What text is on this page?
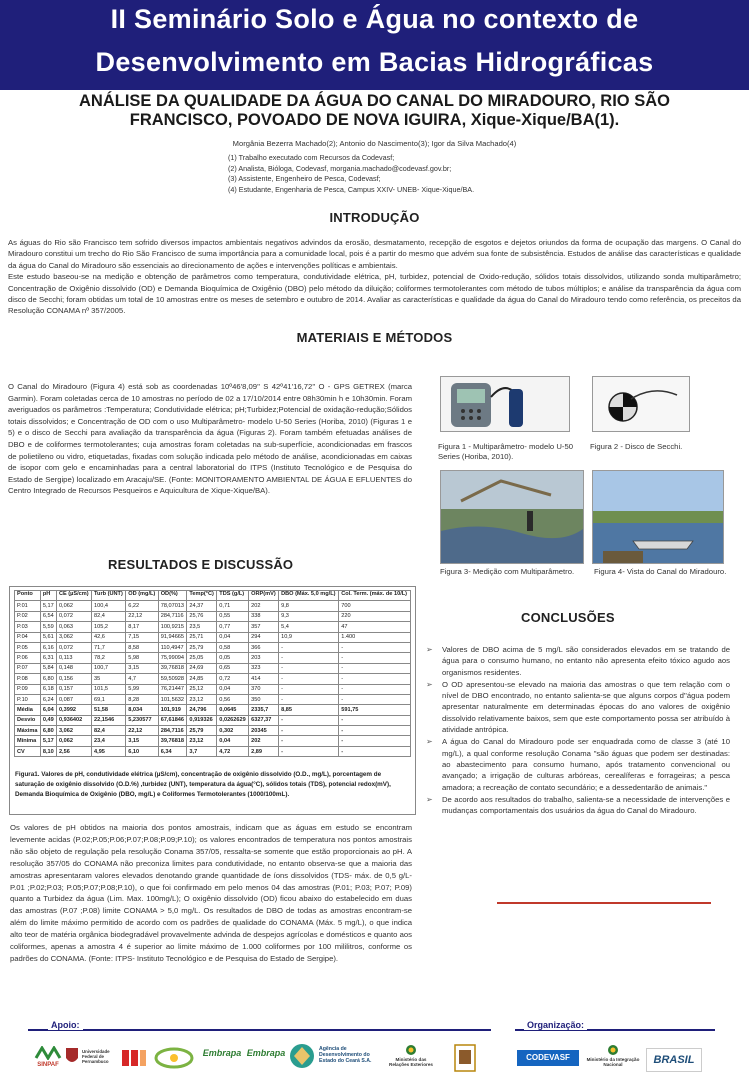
II Seminário Solo e Água no contexto de
Desenvolvimento em Bacias Hidrográficas
ANÁLISE DA QUALIDADE DA ÁGUA DO CANAL DO MIRADOURO, RIO SÃO
FRANCISCO, POVOADO DE NOVA IGUIRA, Xique-Xique/BA(1).
Morgânia Bezerra Machado(2); Antonio do Nascimento(3); Igor da Silva Machado(4)
(1) Trabalho executado com Recursos da Codevasf;
(2) Analista, Bióloga, Codevasf, morgania.machado@codevasf.gov.br;
(3) Assistente, Engenheiro de Pesca, Codevasf;
(4) Estudante, Engenharia de Pesca, Campus XXIV- UNEB- Xique-Xique/BA.
INTRODUÇÃO
As águas do Rio são Francisco tem sofrido diversos impactos ambientais negativos advindos da erosão, desmatamento, recepção de esgotos e dejetos oriundos da forma de ocupação das margens. O Canal do Miradouro constitui um trecho do Rio São Francisco de suma importância para a comunidade local, pois é a partir do mesmo que advém sua fonte de subsistência. Estudos de análise das características e qualidade da água do Canal do Miradouro são essenciais ao direcionamento de ações e intervenções políticas e ambientais.
Este estudo baseou-se na medição e obtenção de parâmetros como temperatura, condutividade elétrica, pH, turbidez, potencial de Oxido-redução, sólidos totais dissolvidos, utilizando sonda multiparâmetro; Concentração de Oxigênio dissolvido (OD) e Demanda Bioquímica de Oxigênio (DBO) pelo método da diluição; coliformes termotolerantes com método de tubos múltiplos; e análise da transparência da água com disco de Secchi; foram obtidas um total de 10 amostras entre os meses de setembro e outubro de 2014. Avaliar as características e qualidade da água do Canal do Miradouro tendo como referência, os preceitos da Resolução CONAMA nº 357/2005.
MATERIAIS E MÉTODOS
O Canal do Miradouro (Figura 4) está sob as coordenadas 10º46'8,09'' S 42º41'16,72'' O - GPS GETREX (marca Garmin). Foram coletadas cerca de 10 amostras no período de 02 a 17/10/2014 entre 08h30min h e 10h30min. Foram averiguados os parâmetros :Temperatura; Condutividade elétrica; pH;Turbidez;Potencial de oxidação-redução;Sólidos totais dissolvidos; e Concentração de OD com o uso Multiparâmetro- modelo U-50 Series (Horiba, 2010) (Figuras 1 e 5) e o disco de Secchi para avaliação da transparência da água (Figuras 2). Foram também efetuadas análises de DBO e de coliformes termotolerantes; cuja amostras foram coletadas na sub-superfície, acondicionadas em frascos de polietileno ou vidro, etiquetadas, fixadas com solução indicada pelo método de análise, acondicionadas em caixas de isopor com gelo e encaminhadas para a central laboratorial do ITPS (Instituto Tecnológico e de Pesquisa do Estado de Sergipe) localizado em Aracaju/SE. (Fonte: MONITORAMENTO AMBIENTAL DE ÁGUA E EFLUENTES do Centro Integrado de Recursos Pesqueiros e Aquicultura de Xique-Xique/BA).
Figura 1 - Multiparâmetro- modelo U-50 Series (Horiba, 2010).
Figura 2 - Disco de Secchi.
Figura 3- Medição com Multiparâmetro.	Figura 4- Vista do Canal do Miradouro.
RESULTADOS E DISCUSSÃO
Ponto	pH	CE (µS/cm)	Turb (UNT)	OD (mg/L)	OD(%)	Temp(°C)	TDS (g/L)	ORP(mV)	DBO (Máx. 5,0 mg/L)	Col. Term. (máx. de 10/L)
P.01	5,17	0,062	100,4	6,22	78,07013	24,37	0,71	202	9,8	700
P.02	6,54	0,072	82,4	22,12	284,7116	25,76	0,55	338	9,3	220
P.03	5,59	0,063	105,2	8,17	100,9215	23,5	0,77	357	5,4	47
P.04	5,61	3,062	42,6	7,15	91,94665	25,71	0,04	294	10,9	1.400
P.05	6,16	0,072	71,7	8,58	110,4947	25,79	0,58	366	-	-
P.06	6,31	0,113	78,2	5,98	75,99094	25,05	0,05	203	-	-
P.07	5,84	0,148	100,7	3,15	39,76818	24,69	0,65	323	-	-
P.08	6,80	0,156	35	4,7	59,50928	24,85	0,72	414	-	-
P.09	6,18	0,157	101,5	5,99	76,21447	25,12	0,04	370	-	-
P.10	6,24	0,087	69,1	8,28	101,5632	23,12	0,56	350	-	-
Média	6,04	0,3992	51,58	8,034	101,919	24,796	0,0645	2335,7	8,85	591,75
Desvio	0,49	0,936402	22,1546	5,230577	67,61846	0,919326	0,0262629	6327,37	-	-
Máxima	6,80	3,062	82,4	22,12	284,7116	25,79	0,302	20345	-	-
Mínima	5,17	0,062	23,4	3,15	39,76818	23,12	0,04	202	-	-
CV	8,10	2,56	4,95	6,10	6,34	3,7	4,72	2,89	-	-
Figura1. Valores de pH, condutividade elétrica (µS/cm), concentração de oxigênio dissolvido (O.D., mg/L), porcentagem de saturação de oxigênio dissolvido (O.D.%) ,turbidez (UNT), temperatura da água(°C), sólidos totais (TDS), potencial redox(mV), Demanda Bioquímica de Oxigênio (DBO, mg/L) e Coliformes Termotolerantes (1000/100mL).
Os valores de pH obtidos na maioria dos pontos amostrais, indicam que as águas em estudo se encontram levemente acidas (P.02;P.05;P.06;P.07;P.08;P.09;P.10); os valores encontrados de temperatura nos pontos amostrais não são objeto de regulação pela resolução Conama 357/05, ressalta-se somente que estão proporcionais ao pH. A resolução 357/05 do CONAMA não preconiza limites para condutividade, no entanto observa-se que a maioria das amostras apresentaram valores elevados denotando grande quantidade de íons dissolvidos (TDS- máx. de 0,5 g/L- P.01 ;P.02;P.03; P.05;P.07;P.08;P.10), o que foi confirmado em pelo menos 04 das amostras (P.01; P.03; P.07; P.09) quanto a Turbidez da água (Lim. Max. 100mg/L); O oxigênio dissolvido (OD) ficou abaixo do estabelecido em duas das amostras (P.07 ;P.08) limite CONAMA > 5,0 mg/L. Os resultados de DBO de todas as amostras encontram-se além do limite máximo permitido de acordo com os padrões de qualidade do CONAMA (Máx. 5 mg/L), o que indica alto teor de matéria orgânica biodegradável provavelmente advinda de despejos agrícolas e domésticos e quanto aos coliformes, apenas a amostra 4 é superior ao limite máximo de 1.000 coliformes por 100 mililitros, conforme os padrões do CONAMA. (Fonte: ITPS- Instituto Tecnológico e de Pesquisa do Estado de Sergipe).
CONCLUSÕES
➢ Valores de DBO acima de 5 mg/L são considerados elevados em se tratando de água para o consumo humano, no entanto não apresenta efeito tóxico agudo aos organismos residentes.
➢ O OD apresentou-se elevado na maioria das amostras o que tem relação com o nível de DBO encontrado, no entanto salienta-se que alguns corpos d''água podem apresentar naturalmente em determinadas épocas do ano valores de oxigênio dissolvido relativamente baixos, sem que este comportamento possa ser atribuído à atividade antrópica.
➢ A água do Canal do Miradouro pode ser enquadrada como de classe 3 (até 10 mg/L), a qual conforme resolução Conama "são águas que podem ser destinadas: ao abastecimento para consumo humano, após tratamento convencional ou avançado; a irrigação de culturas arbóreas, cerealíferas e forrageiras; a pesca amadora; a recreação de contato secundário; e a dessedentarão de animais."
➢ De acordo aos resultados do trabalho, salienta-se a necessidade de intervenções e mudanças comportamentais dos usuários da água do Canal do Miradouro.
Apoio:	Organização:
SINPAF
Universidade Federal de Pernambuco
Embrapa Embrapa	Agência de Desenvolvimento do Estado do Ceará S.A.	Ministério das Relações Exteriores
CODEVASF	Ministério da Integração Nacional	BRASIL
